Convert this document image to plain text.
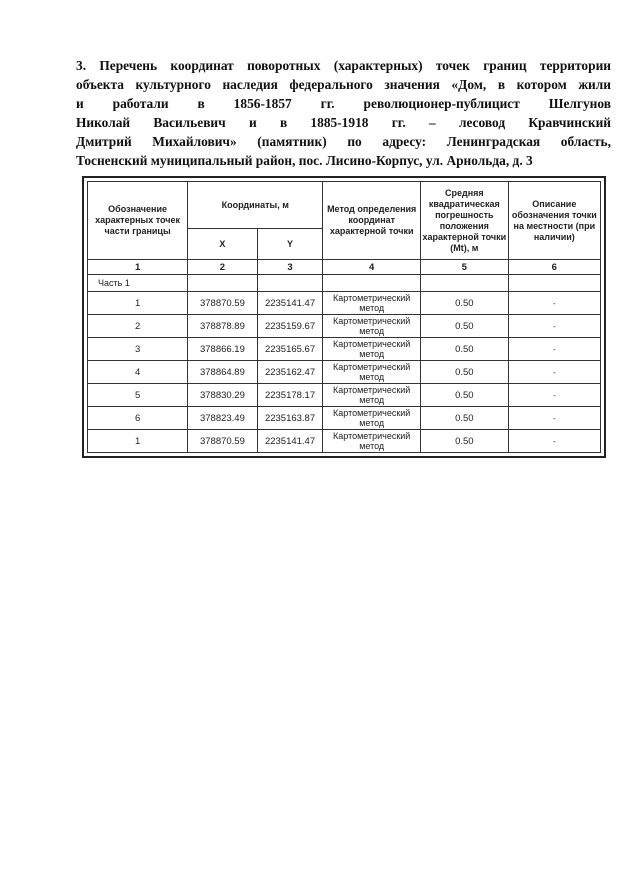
3. Перечень координат поворотных (характерных) точек границ территории
объекта культурного наследия федерального значения «Дом, в котором жили
и работали в 1856-1857 гг. революционер-публицист Шелгунов
Николай Васильевич и в 1885-1918 гг. – лесовод Кравчинский
Дмитрий Михайлович» (памятник) по адресу: Ленинградская область,
Тосненский муниципальный район, пос. Лисино-Корпус, ул. Арнольда, д. 3
Обозначение характерных точек части границы	Координаты, м		Метод определения координат характерной точки	Средняя квадратическая погрешность положения характерной точки (Mt), м	Описание обозначения точки на местности (при наличии)
	X	Y			
1	2	3	4	5	6
Часть 1					
1	378870.59	2235141.47	Картометрический метод	0.50	-
2	378878.89	2235159.67	Картометрический метод	0.50	-
3	378866.19	2235165.67	Картометрический метод	0.50	-
4	378864.89	2235162.47	Картометрический метод	0.50	-
5	378830.29	2235178.17	Картометрический метод	0.50	-
6	378823.49	2235163.87	Картометрический метод	0.50	-
1	378870.59	2235141.47	Картометрический метод	0.50	-
